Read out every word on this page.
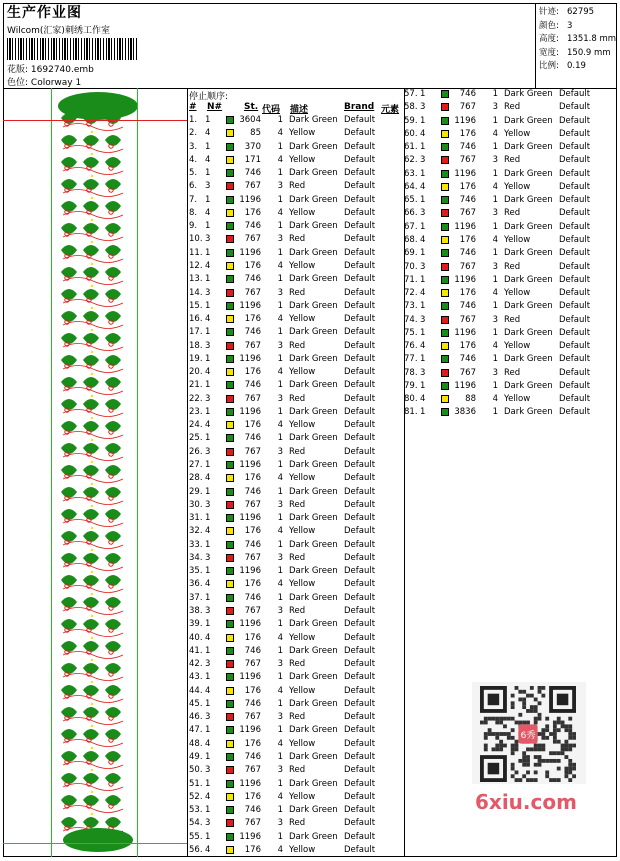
生产作业图
Wilcom(汇家)刺绣工作室
花版: 1692740.emb
色位: Colorway 1
针迹: 62795
颜色: 3
高度: 1351.8 mm
宽度: 150.9 mm
比例: 0.19
停止顺序:
# N# St. 代码 描述	Brand 元素
1. 1	3604	1 Dark Green Default
2. 4	85	4 Yellow	Default
3. 1	370	1 Dark Green Default
4. 4	171	4 Yellow	Default
5. 1	746	1 Dark Green Default
6. 3	767	3 Red	Default
7. 1	1196	1 Dark Green Default
8. 4	176	4 Yellow	Default
9. 1	746	1 Dark Green Default
10. 3	767	3 Red	Default
11. 1	1196	1 Dark Green Default
12. 4	176	4 Yellow	Default
13. 1	746	1 Dark Green Default
14. 3	767	3 Red	Default
15. 1	1196	1 Dark Green Default
16. 4	176	4 Yellow	Default
17. 1	746	1 Dark Green Default
18. 3	767	3 Red	Default
19. 1	1196	1 Dark Green Default
20. 4	176	4 Yellow	Default
21. 1	746	1 Dark Green Default
22. 3	767	3 Red	Default
23. 1	1196	1 Dark Green Default
24. 4	176	4 Yellow	Default
25. 1	746	1 Dark Green Default
26. 3	767	3 Red	Default
27. 1	1196	1 Dark Green Default
28. 4	176	4 Yellow	Default
29. 1	746	1 Dark Green Default
30. 3	767	3 Red	Default
31. 1	1196	1 Dark Green Default
32. 4	176	4 Yellow	Default
33. 1	746	1 Dark Green Default
34. 3	767	3 Red	Default
35. 1	1196	1 Dark Green Default
36. 4	176	4 Yellow	Default
37. 1	746	1 Dark Green Default
38. 3	767	3 Red	Default
39. 1	1196	1 Dark Green Default
40. 4	176	4 Yellow	Default
41. 1	746	1 Dark Green Default
42. 3	767	3 Red	Default
43. 1	1196	1 Dark Green Default
44. 4	176	4 Yellow	Default
45. 1	746	1 Dark Green Default
46. 3	767	3 Red	Default
47. 1	1196	1 Dark Green Default
48. 4	176	4 Yellow	Default
49. 1	746	1 Dark Green Default
50. 3	767	3 Red	Default
51. 1	1196	1 Dark Green Default
52. 4	176	4 Yellow	Default
53. 1	746	1 Dark Green Default
54. 3	767	3 Red	Default
55. 1	1196	1 Dark Green Default
56. 4	176	4 Yellow	Default
57. 1	746	1 Dark Green Default
58. 3	767	3 Red	Default
59. 1	1196	1 Dark Green Default
60. 4	176	4 Yellow	Default
61. 1	746	1 Dark Green Default
62. 3	767	3 Red	Default
63. 1	1196	1 Dark Green Default
64. 4	176	4 Yellow	Default
65. 1	746	1 Dark Green Default
66. 3	767	3 Red	Default
67. 1	1196	1 Dark Green Default
68. 4	176	4 Yellow	Default
69. 1	746	1 Dark Green Default
70. 3	767	3 Red	Default
71. 1	1196	1 Dark Green Default
72. 4	176	4 Yellow	Default
73. 1	746	1 Dark Green Default
74. 3	767	3 Red	Default
75. 1	1196	1 Dark Green Default
76. 4	176	4 Yellow	Default
77. 1	746	1 Dark Green Default
78. 3	767	3 Red	Default
79. 1	1196	1 Dark Green Default
80. 4	88	4 Yellow	Default
81. 1	3836	1 Dark Green Default
6秀
6xiu.com
